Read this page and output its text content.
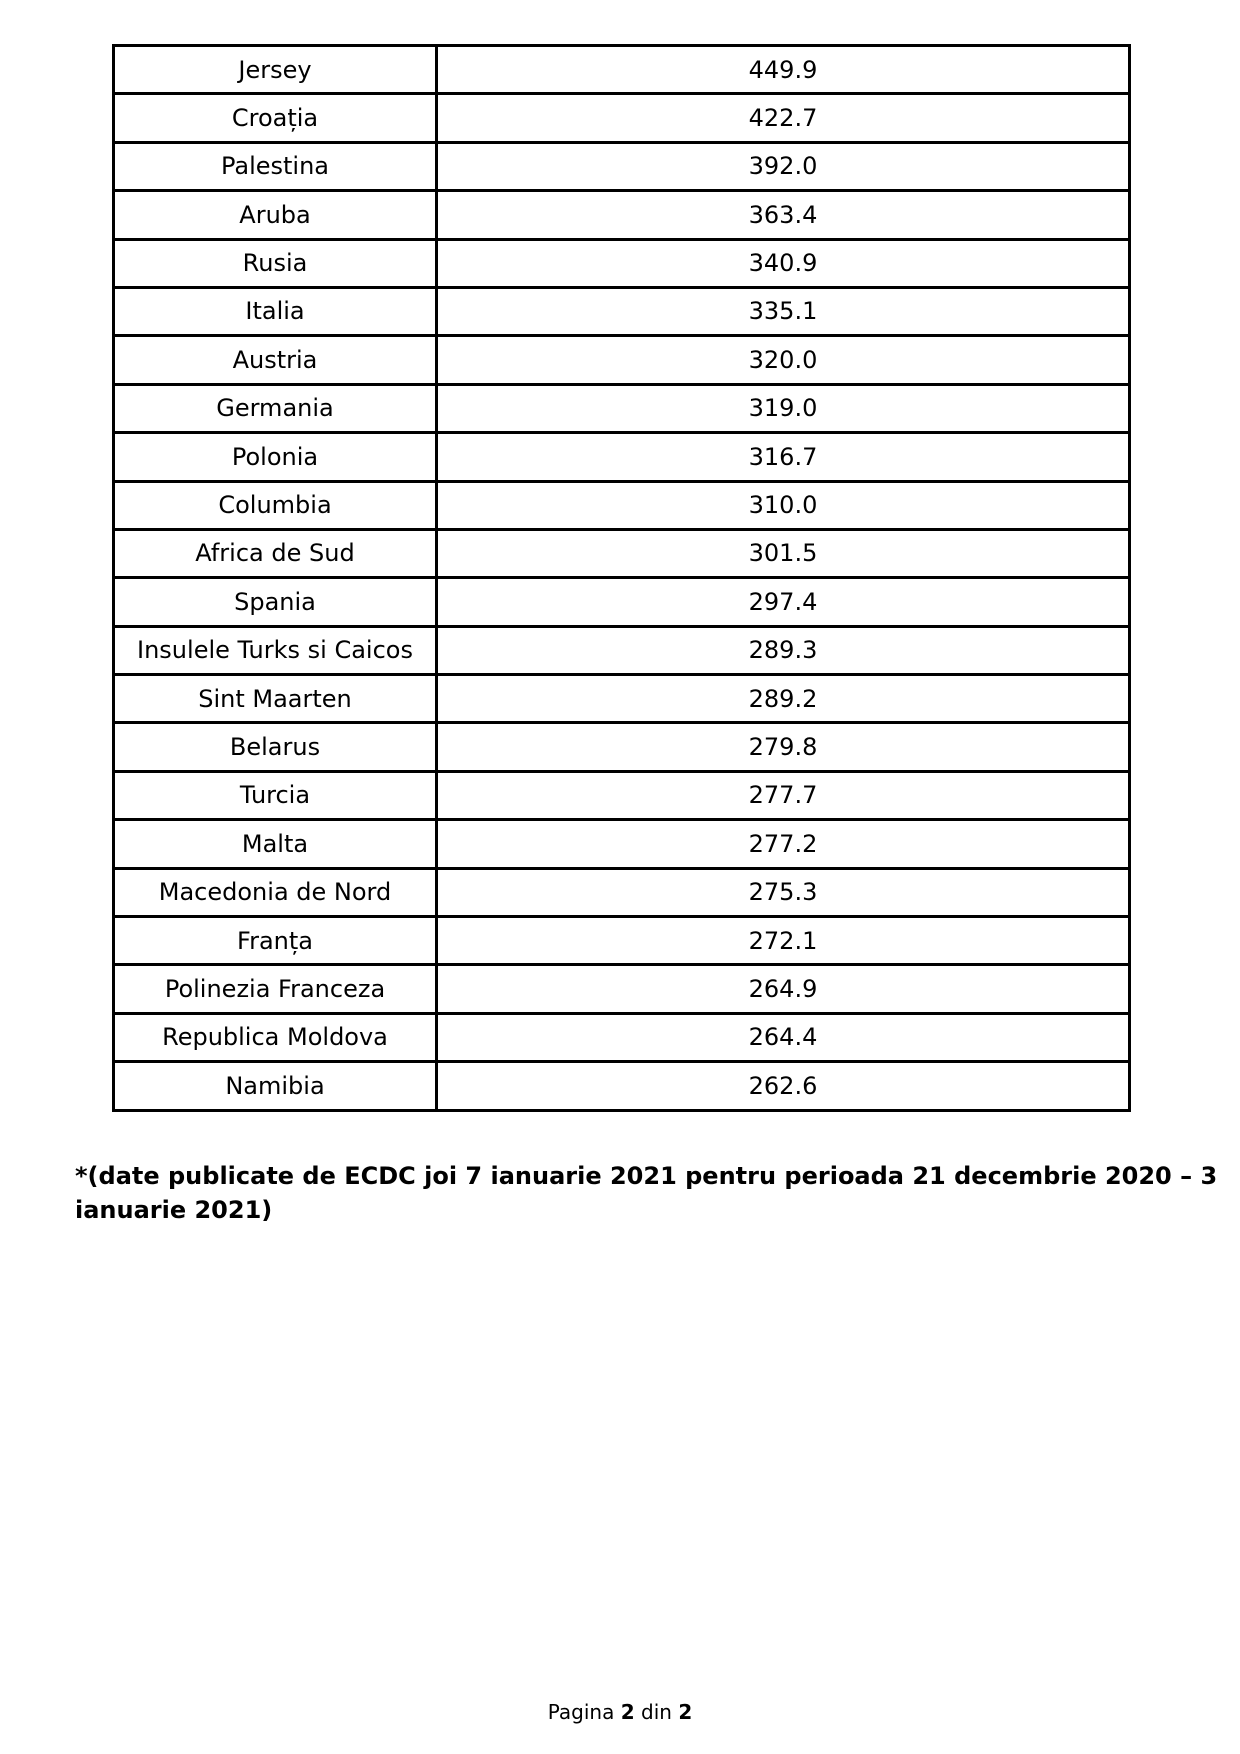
Jersey	449.9
Croația	422.7
Palestina	392.0
Aruba	363.4
Rusia	340.9
Italia	335.1
Austria	320.0
Germania	319.0
Polonia	316.7
Columbia	310.0
Africa de Sud	301.5
Spania	297.4
Insulele Turks si Caicos	289.3
Sint Maarten	289.2
Belarus	279.8
Turcia	277.7
Malta	277.2
Macedonia de Nord	275.3
Franța	272.1
Polinezia Franceza	264.9
Republica Moldova	264.4
Namibia	262.6
*(date publicate de ECDC joi 7 ianuarie 2021 pentru perioada 21 decembrie 2020 – 3
ianuarie 2021)
Pagina 2 din 2
